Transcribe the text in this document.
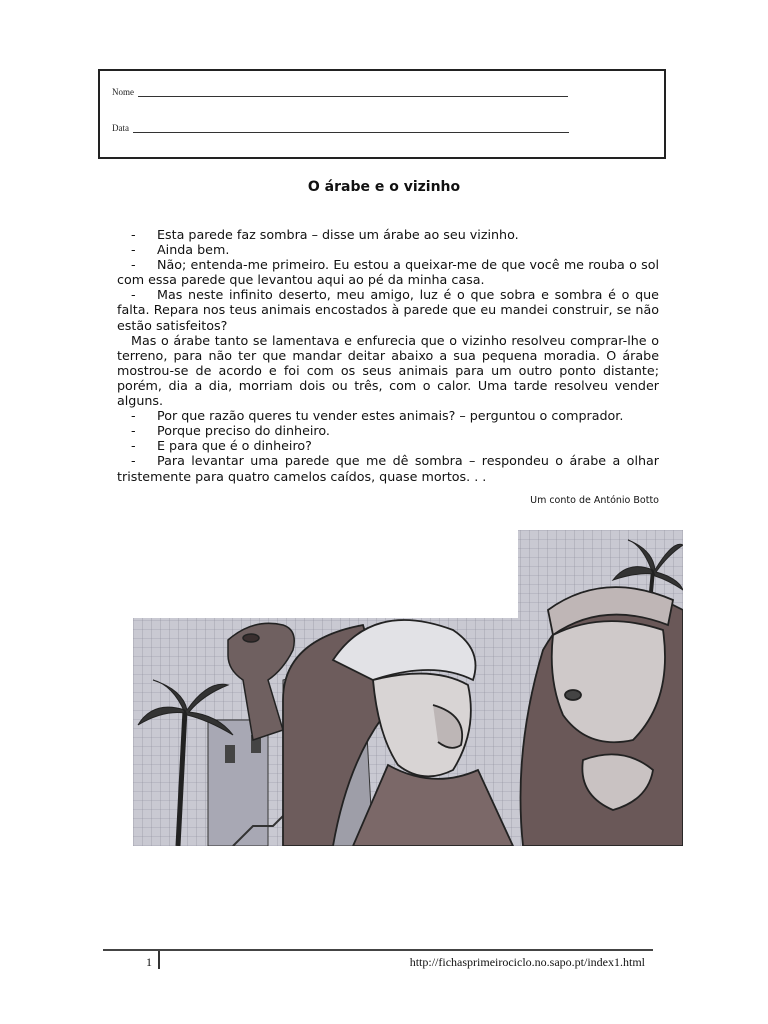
Nome
Data
O árabe e o vizinho

- Esta parede faz sombra – disse um árabe ao seu vizinho.

- Ainda bem.

- Não; entenda-me primeiro. Eu estou a queixar-me de que você me rouba o sol com essa parede que levantou aqui ao pé da minha casa.

- Mas neste infinito deserto, meu amigo, luz é o que sobra e sombra é o que falta. Repara nos teus animais encostados à parede que eu mandei construir, se não estão satisfeitos?

Mas o árabe tanto se lamentava e enfurecia que o vizinho resolveu comprar-lhe o terreno, para não ter que mandar deitar abaixo a sua pequena moradia. O árabe mostrou-se de acordo e foi com os seus animais para um outro ponto distante; porém, dia a dia, morriam dois ou três, com o calor. Uma tarde resolveu vender alguns.

- Por que razão queres tu vender estes animais? – perguntou o comprador.

- Porque preciso do dinheiro.

- E para que é o dinheiro?

- Para levantar uma parede que me dê sombra – respondeu o árabe a olhar tristemente para quatro camelos caídos, quase mortos. . .

Um conto de António Botto
1	http://fichasprimeirociclo.no.sapo.pt/index1.html
